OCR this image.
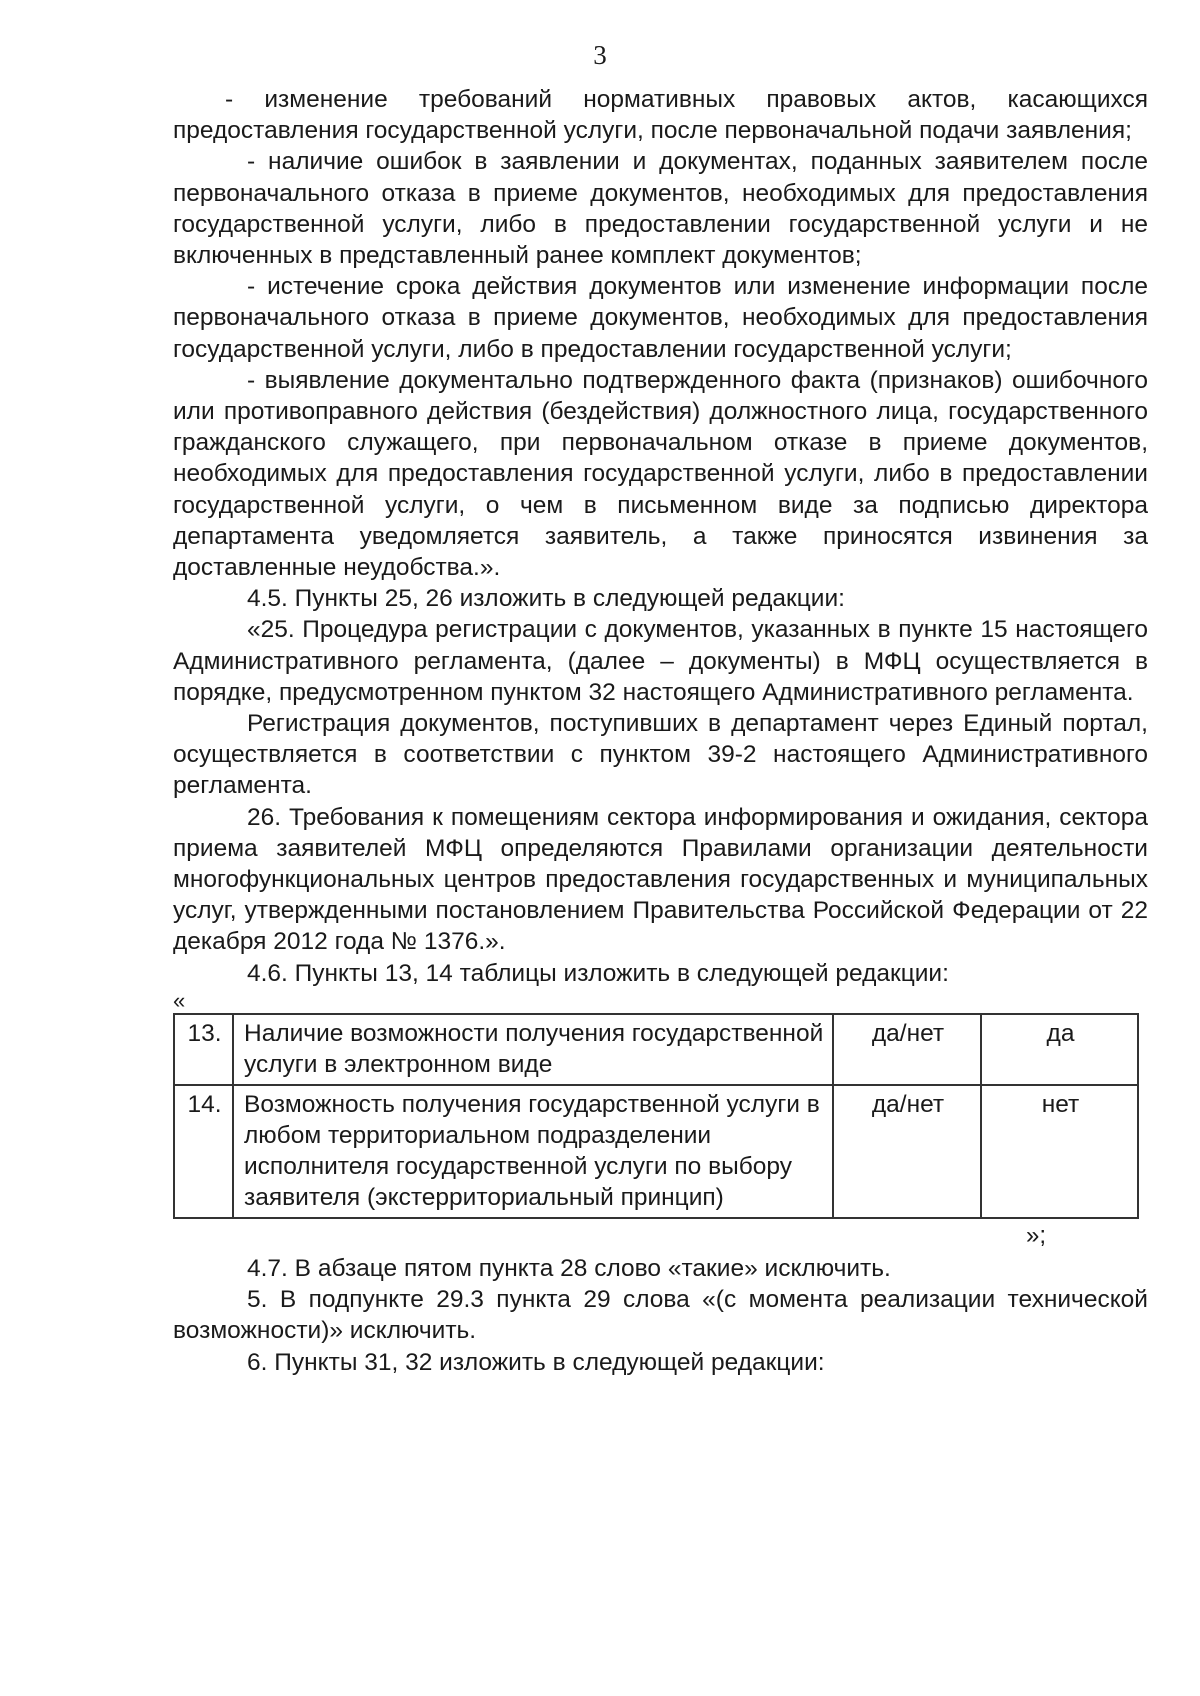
3

- изменение требований нормативных правовых актов, касающихся предоставления государственной услуги, после первоначальной подачи заявления;

- наличие ошибок в заявлении и документах, поданных заявителем после первоначального отказа в приеме документов, необходимых для предоставления государственной услуги, либо в предоставлении государственной услуги и не включенных в представленный ранее комплект документов;

- истечение срока действия документов или изменение информации после первоначального отказа в приеме документов, необходимых для предоставления государственной услуги, либо в предоставлении государственной услуги;

- выявление документально подтвержденного факта (признаков) ошибочного или противоправного действия (бездействия) должностного лица, государственного гражданского служащего, при первоначальном отказе в приеме документов, необходимых для предоставления государственной услуги, либо в предоставлении государственной услуги, о чем в письменном виде за подписью директора департамента уведомляется заявитель, а также приносятся извинения за доставленные неудобства.».

4.5. Пункты 25, 26 изложить в следующей редакции:

«25. Процедура регистрации с документов, указанных в пункте 15 настоящего Административного регламента, (далее – документы) в МФЦ осуществляется в порядке, предусмотренном пунктом 32 настоящего Административного регламента.

Регистрация документов, поступивших в департамент через Единый портал, осуществляется в соответствии с пунктом 39-2 настоящего Административного регламента.

26. Требования к помещениям сектора информирования и ожидания, сектора приема заявителей МФЦ определяются Правилами организации деятельности многофункциональных центров предоставления государственных и муниципальных услуг, утвержденными постановлением Правительства Российской Федерации от 22 декабря 2012 года № 1376.».

4.6. Пункты 13, 14 таблицы изложить в следующей редакции:

«

13.	Наличие возможности получения государственной услуги в электронном виде	да/нет	да
14.	Возможность получения государственной услуги в любом территориальном подразделении исполнителя государственной услуги по выбору заявителя (экстерриториальный принцип)	да/нет	нет

»;

4.7. В абзаце пятом пункта 28 слово «такие» исключить.

5. В подпункте 29.3 пункта 29 слова «(с момента реализации технической возможности)» исключить.

6. Пункты 31, 32 изложить в следующей редакции:
